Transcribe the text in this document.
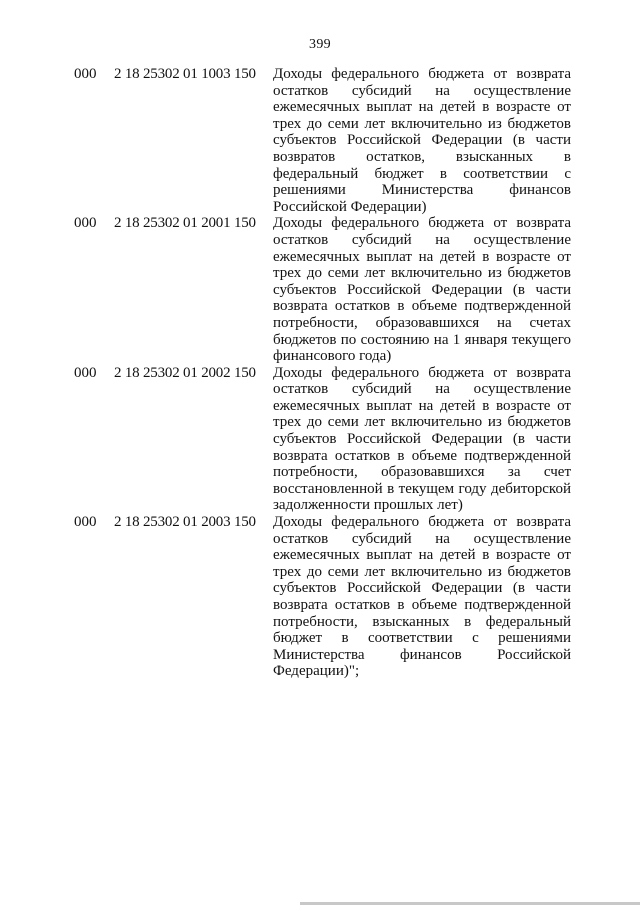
399
000 2 18 25302 01 1003 150 Доходы федерального бюджета от возврата
остатков субсидий на осуществление
ежемесячных выплат на детей в возрасте от
трех до семи лет включительно из бюджетов
субъектов Российской Федерации (в части
возвратов остатков, взысканных в
федеральный бюджет в соответствии с
решениями Министерства финансов
Российской Федерации)
000 2 18 25302 01 2001 150 Доходы федерального бюджета от возврата
остатков субсидий на осуществление
ежемесячных выплат на детей в возрасте от
трех до семи лет включительно из бюджетов
субъектов Российской Федерации (в части
возврата остатков в объеме подтвержденной
потребности, образовавшихся на счетах
бюджетов по состоянию на 1 января текущего
финансового года)
000 2 18 25302 01 2002 150 Доходы федерального бюджета от возврата
остатков субсидий на осуществление
ежемесячных выплат на детей в возрасте от
трех до семи лет включительно из бюджетов
субъектов Российской Федерации (в части
возврата остатков в объеме подтвержденной
потребности, образовавшихся за счет
восстановленной в текущем году дебиторской
задолженности прошлых лет)
000 2 18 25302 01 2003 150 Доходы федерального бюджета от возврата
остатков субсидий на осуществление
ежемесячных выплат на детей в возрасте от
трех до семи лет включительно из бюджетов
субъектов Российской Федерации (в части
возврата остатков в объеме подтвержденной
потребности, взысканных в федеральный
бюджет в соответствии с решениями
Министерства финансов Российской
Федерации)";
